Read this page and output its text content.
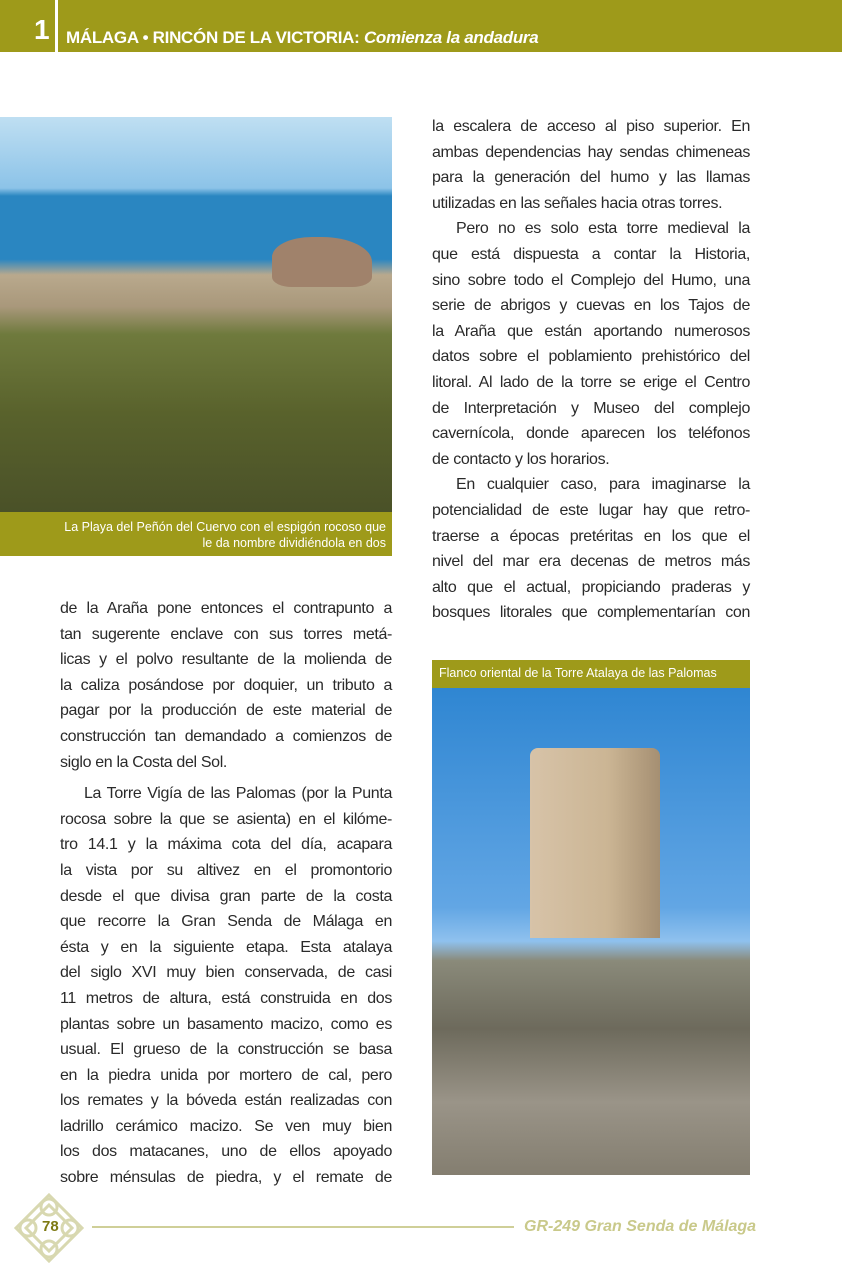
1 MÁLAGA • RINCÓN DE LA VICTORIA: Comienza la andadura
La Playa del Peñón del Cuervo con el espigón rocoso que
le da nombre dividiéndola en dos
de la Araña pone entonces el contrapunto a
tan sugerente enclave con sus torres metá-
licas y el polvo resultante de la molienda de
la caliza posándose por doquier, un tributo a
pagar por la producción de este material de
construcción tan demandado a comienzos de
siglo en la Costa del Sol.
La Torre Vigía de las Palomas (por la Punta
rocosa sobre la que se asienta) en el kilóme-
tro 14.1 y la máxima cota del día, acapara
la vista por su altivez en el promontorio
desde el que divisa gran parte de la costa
que recorre la Gran Senda de Málaga en
ésta y en la siguiente etapa. Esta atalaya
del siglo XVI muy bien conservada, de casi
11 metros de altura, está construida en dos
plantas sobre un basamento macizo, como es
usual. El grueso de la construcción se basa
en la piedra unida por mortero de cal, pero
los remates y la bóveda están realizadas con
ladrillo cerámico macizo. Se ven muy bien
los dos matacanes, uno de ellos apoyado
sobre ménsulas de piedra, y el remate de
la escalera de acceso al piso superior. En
ambas dependencias hay sendas chimeneas
para la generación del humo y las llamas
utilizadas en las señales hacia otras torres.
Pero no es solo esta torre medieval la
que está dispuesta a contar la Historia,
sino sobre todo el Complejo del Humo, una
serie de abrigos y cuevas en los Tajos de
la Araña que están aportando numerosos
datos sobre el poblamiento prehistórico del
litoral. Al lado de la torre se erige el Centro
de Interpretación y Museo del complejo
cavernícola, donde aparecen los teléfonos
de contacto y los horarios.
En cualquier caso, para imaginarse la
potencialidad de este lugar hay que retro-
traerse a épocas pretéritas en los que el
nivel del mar era decenas de metros más
alto que el actual, propiciando praderas y
bosques litorales que complementarían con
Flanco oriental de la Torre Atalaya de las Palomas
78	GR-249 Gran Senda de Málaga
